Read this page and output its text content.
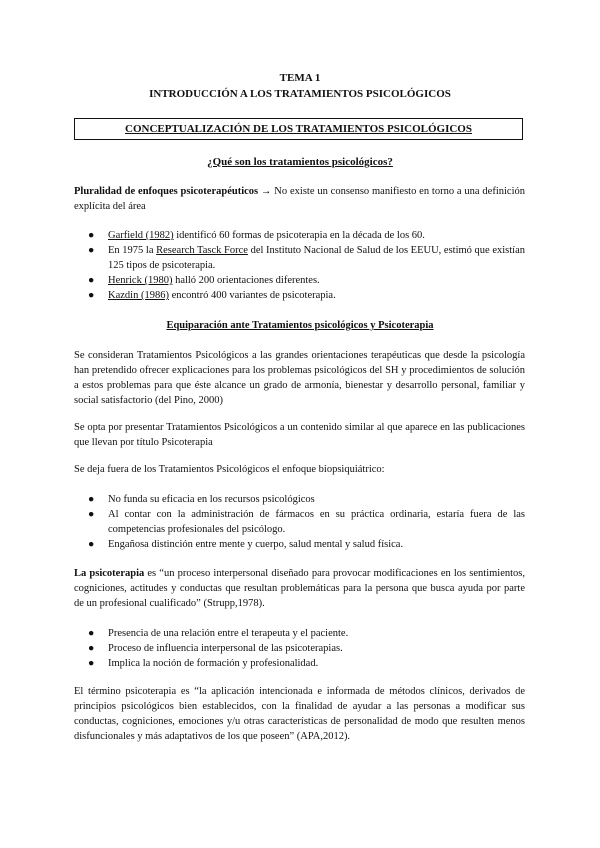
TEMA 1
INTRODUCCIÓN A LOS TRATAMIENTOS PSICOLÓGICOS
CONCEPTUALIZACIÓN DE LOS TRATAMIENTOS PSICOLÓGICOS
¿Qué son los tratamientos psicológicos?

Pluralidad de enfoques psicoterapéuticos → No existe un consenso manifiesto en torno a una definición explícita del área

● Garfield (1982) identificó 60 formas de psicoterapia en la década de los 60.
● En 1975 la Research Tasck Force del Instituto Nacional de Salud de los EEUU, estimó que existían 125 tipos de psicoterapia.
● Henrick (1980) halló 200 orientaciones diferentes.
● Kazdin (1986) encontró 400 variantes de psicoterapia.
Equiparación ante Tratamientos psicológicos y Psicoterapia

Se consideran Tratamientos Psicológicos a las grandes orientaciones terapéuticas que desde la psicología han pretendido ofrecer explicaciones para los problemas psicológicos del SH y procedimientos de solución a estos problemas para que éste alcance un grado de armonía, bienestar y desarrollo personal, familiar y social satisfactorio (del Pino, 2000)

Se opta por presentar Tratamientos Psicológicos a un contenido similar al que aparece en las publicaciones que llevan por título Psicoterapia

Se deja fuera de los Tratamientos Psicológicos el enfoque biopsiquiátrico:

● No funda su eficacia en los recursos psicológicos
● Al contar con la administración de fármacos en su práctica ordinaria, estaría fuera de las competencias profesionales del psicólogo.
● Engañosa distinción entre mente y cuerpo, salud mental y salud física.

La psicoterapia es “un proceso interpersonal diseñado para provocar modificaciones en los sentimientos, cogniciones, actitudes y conductas que resultan problemáticas para la persona que busca ayuda por parte de un profesional cualificado” (Strupp,1978).

● Presencia de una relación entre el terapeuta y el paciente.
● Proceso de influencia interpersonal de las psicoterapias.
● Implica la noción de formación y profesionalidad.

El término psicoterapia es “la aplicación intencionada e informada de métodos clínicos, derivados de principios psicológicos bien establecidos, con la finalidad de ayudar a las personas a modificar sus conductas, cogniciones, emociones y/u otras características de personalidad de modo que resulten menos disfuncionales y más adaptativos de los que poseen” (APA,2012).
